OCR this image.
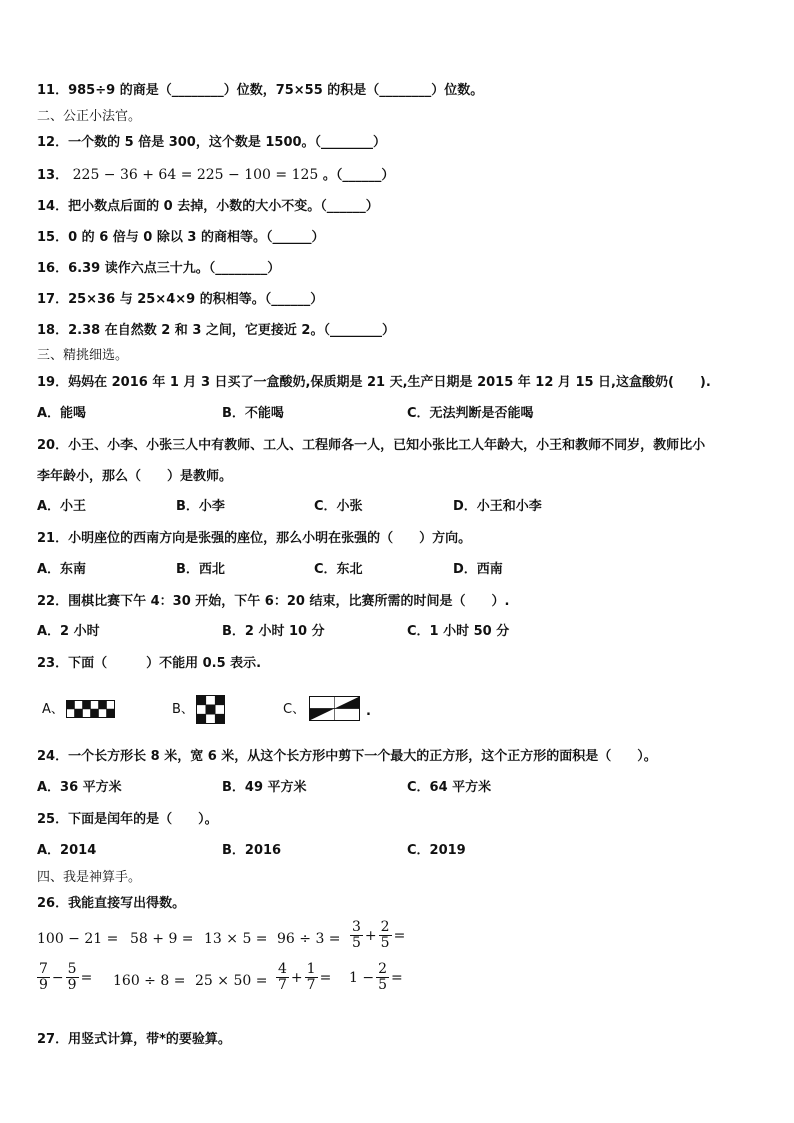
11．985÷9 的商是（________）位数，75×55 的积是（________）位数。
二、公正小法官。
12．一个数的 5 倍是 300，这个数是 1500。（________）
13． 225 − 36 + 64 = 225 − 100 = 125 。（______）
14．把小数点后面的 0 去掉，小数的大小不变。（______）
15．0 的 6 倍与 0 除以 3 的商相等。（______）
16．6.39 读作六点三十九。（________）
17．25×36 与 25×4×9 的积相等。（______）
18．2.38 在自然数 2 和 3 之间，它更接近 2。（________）
三、精挑细选。
19．妈妈在 2016 年 1 月 3 日买了一盒酸奶,保质期是 21 天,生产日期是 2015 年 12 月 15 日,这盒酸奶(　　).
A．能喝	B．不能喝	C．无法判断是否能喝
20．小王、小李、小张三人中有教师、工人、工程师各一人，已知小张比工人年龄大，小王和教师不同岁，教师比小
李年龄小，那么（　　）是教师。
A．小王	B．小李	C．小张	D．小王和小李
21．小明座位的西南方向是张强的座位，那么小明在张强的（　　）方向。
A．东南	B．西北	C．东北	D．西南
22．围棋比赛下午 4：30 开始，下午 6：20 结束，比赛所需的时间是（　　）.
A．2 小时	B．2 小时 10 分	C．1 小时 50 分
23．下面（　　　）不能用 0.5 表示.
A、	B、	C、	.
24．一个长方形长 8 米，宽 6 米，从这个长方形中剪下一个最大的正方形，这个正方形的面积是（　　）。
A．36 平方米	B．49 平方米	C．64 平方米
25．下面是闰年的是（　　）。
A．2014	B．2016	C．2019
四、我是神算手。
26．我能直接写出得数。
$100 - 21 = 58 + 9 = 13 \times 5 = 96 \div 3 = \frac{3}{5} + \frac{2}{5}$ =
$\frac{7}{9} - \frac{5}{9} = 160 \div 8 = 25 \times 50 = \frac{4}{7} + \frac{1}{7} = 1 - \frac{2}{5}$ =
27．用竖式计算，带*的要验算。
